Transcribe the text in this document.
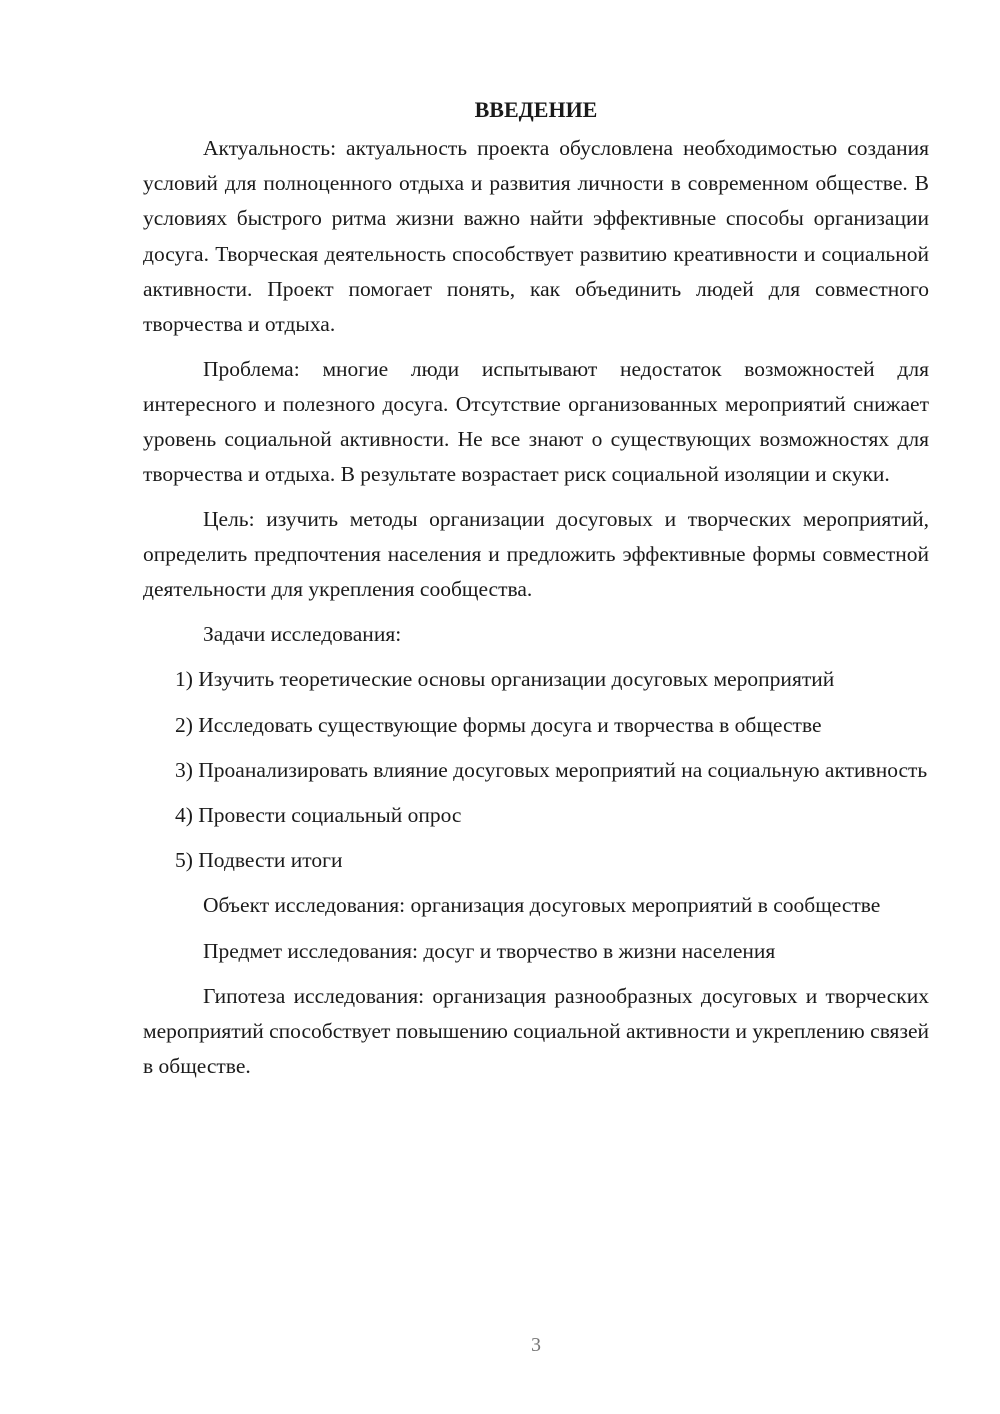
ВВЕДЕНИЕ

Актуальность: актуальность проекта обусловлена необходимостью создания условий для полноценного отдыха и развития личности в современном обществе. В условиях быстрого ритма жизни важно найти эффективные способы организации досуга. Творческая деятельность способствует развитию креативности и социальной активности. Проект помогает понять, как объединить людей для совместного творчества и отдыха.

Проблема: многие люди испытывают недостаток возможностей для интересного и полезного досуга. Отсутствие организованных мероприятий снижает уровень социальной активности. Не все знают о существующих возможностях для творчества и отдыха. В результате возрастает риск социальной изоляции и скуки.

Цель: изучить методы организации досуговых и творческих мероприятий, определить предпочтения населения и предложить эффективные формы совместной деятельности для укрепления сообщества.

Задачи исследования:

1) Изучить теоретические основы организации досуговых мероприятий

2) Исследовать существующие формы досуга и творчества в обществе

3) Проанализировать влияние досуговых мероприятий на социальную активность

4) Провести социальный опрос

5) Подвести итоги

Объект исследования: организация досуговых мероприятий в сообществе

Предмет исследования: досуг и творчество в жизни населения

Гипотеза исследования: организация разнообразных досуговых и творческих мероприятий способствует повышению социальной активности и укреплению связей в обществе.

3
